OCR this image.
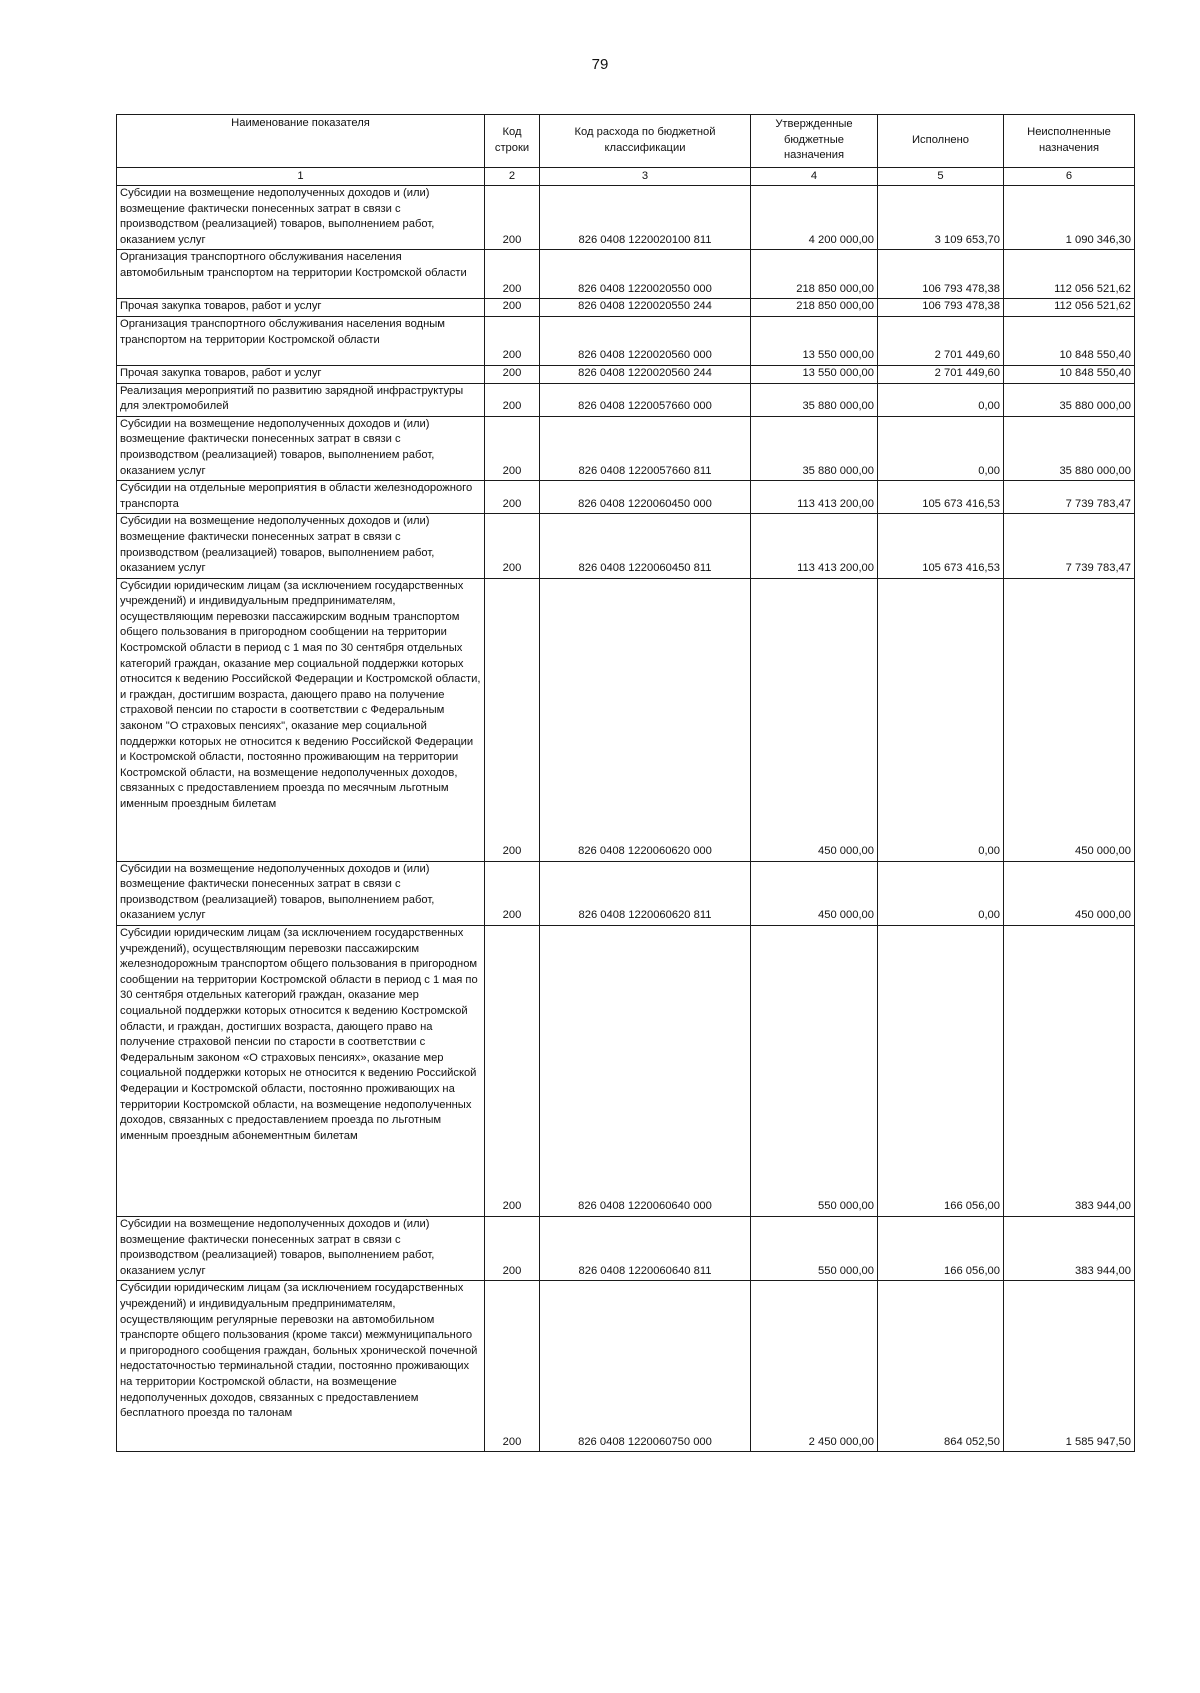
79
Наименование показателя	Код строки	Код расхода по бюджетной классификации	Утвержденные бюджетные назначения	Исполнено	Неисполненные назначения
1	2	3	4	5	6
Субсидии на возмещение недополученных доходов и (или) возмещение фактически понесенных затрат в связи с производством (реализацией) товаров, выполнением работ, оказанием услуг	200	826 0408 1220020100 811	4 200 000,00	3 109 653,70	1 090 346,30
Организация транспортного обслуживания населения автомобильным транспортом на территории Костромской области	200	826 0408 1220020550 000	218 850 000,00	106 793 478,38	112 056 521,62
Прочая закупка товаров, работ и услуг	200	826 0408 1220020550 244	218 850 000,00	106 793 478,38	112 056 521,62
Организация транспортного обслуживания населения водным транспортом на территории Костромской области	200	826 0408 1220020560 000	13 550 000,00	2 701 449,60	10 848 550,40
Прочая закупка товаров, работ и услуг	200	826 0408 1220020560 244	13 550 000,00	2 701 449,60	10 848 550,40
Реализация мероприятий по развитию зарядной инфраструктуры для электромобилей	200	826 0408 1220057660 000	35 880 000,00	0,00	35 880 000,00
Субсидии на возмещение недополученных доходов и (или) возмещение фактически понесенных затрат в связи с производством (реализацией) товаров, выполнением работ, оказанием услуг	200	826 0408 1220057660 811	35 880 000,00	0,00	35 880 000,00
Субсидии на отдельные мероприятия в области железнодорожного транспорта	200	826 0408 1220060450 000	113 413 200,00	105 673 416,53	7 739 783,47
Субсидии на возмещение недополученных доходов и (или) возмещение фактически понесенных затрат в связи с производством (реализацией) товаров, выполнением работ, оказанием услуг	200	826 0408 1220060450 811	113 413 200,00	105 673 416,53	7 739 783,47
Субсидии юридическим лицам (за исключением государственных учреждений) и индивидуальным предпринимателям, осуществляющим перевозки пассажирским водным транспортом общего пользования в пригородном сообщении на территории Костромской области в период с 1 мая по 30 сентября отдельных категорий граждан, оказание мер социальной поддержки которых относится к ведению Российской Федерации и Костромской области, и граждан, достигшим возраста, дающего право на получение страховой пенсии по старости в соответствии с Федеральным законом "О страховых пенсиях", оказание мер социальной поддержки которых не относится к ведению Российской Федерации и Костромской области, постоянно проживающим на территории Костромской области, на возмещение недополученных доходов, связанных с предоставлением проезда по месячным льготным именным проездным билетам	200	826 0408 1220060620 000	450 000,00	0,00	450 000,00
Субсидии на возмещение недополученных доходов и (или) возмещение фактически понесенных затрат в связи с производством (реализацией) товаров, выполнением работ, оказанием услуг	200	826 0408 1220060620 811	450 000,00	0,00	450 000,00
Субсидии юридическим лицам (за исключением государственных учреждений), осуществляющим перевозки пассажирским железнодорожным транспортом общего пользования в пригородном сообщении на территории Костромской области в период с 1 мая по 30 сентября отдельных категорий граждан, оказание мер социальной поддержки которых относится к ведению Костромской области, и граждан, достигших возраста, дающего право на получение страховой пенсии по старости в соответствии с Федеральным законом «О страховых пенсиях», оказание мер социальной поддержки которых не относится к ведению Российской Федерации и Костромской области, постоянно проживающих на территории Костромской области, на возмещение недополученных доходов, связанных с предоставлением проезда по льготным именным проездным абонементным билетам	200	826 0408 1220060640 000	550 000,00	166 056,00	383 944,00
Субсидии на возмещение недополученных доходов и (или) возмещение фактически понесенных затрат в связи с производством (реализацией) товаров, выполнением работ, оказанием услуг	200	826 0408 1220060640 811	550 000,00	166 056,00	383 944,00
Субсидии юридическим лицам (за исключением государственных учреждений) и индивидуальным предпринимателям, осуществляющим регулярные перевозки на автомобильном транспорте общего пользования (кроме такси) межмуниципального и пригородного сообщения граждан, больных хронической почечной недостаточностью терминальной стадии, постоянно проживающих на территории Костромской области, на возмещение недополученных доходов, связанных с предоставлением бесплатного проезда по талонам	200	826 0408 1220060750 000	2 450 000,00	864 052,50	1 585 947,50
